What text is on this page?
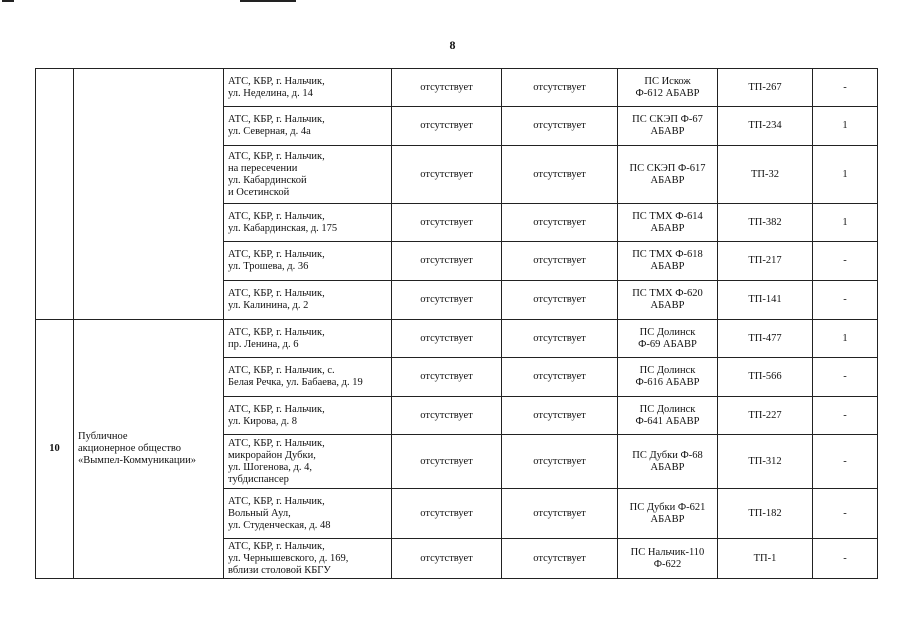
8

		АТС, КБР, г. Нальчик,
ул. Неделина, д. 14	отсутствует	отсутствует	ПС Искож
Ф-612 АБАВР	ТП-267	-

		АТС, КБР, г. Нальчик,
ул. Северная, д. 4а	отсутствует	отсутствует	ПС СКЭП Ф-67
АБАВР	ТП-234	1

		АТС, КБР, г. Нальчик,
на пересечении
ул. Кабардинской
и Осетинской	отсутствует	отсутствует	ПС СКЭП Ф-617
АБАВР	ТП-32	1

		АТС, КБР, г. Нальчик,
ул. Кабардинская, д. 175	отсутствует	отсутствует	ПС ТМХ Ф-614
АБАВР	ТП-382	1

		АТС, КБР, г. Нальчик,
ул. Трошева, д. 36	отсутствует	отсутствует	ПС ТМХ Ф-618
АБАВР	ТП-217	-

		АТС, КБР, г. Нальчик,
ул. Калинина, д. 2	отсутствует	отсутствует	ПС ТМХ Ф-620
АБАВР	ТП-141	-
10	Публичное
акционерное общество
«Вымпел-Коммуникации»	АТС, КБР, г. Нальчик,
пр. Ленина, д. 6	отсутствует	отсутствует	ПС Долинск
Ф-69 АБАВР	ТП-477	1

		АТС, КБР, г. Нальчик, с.
Белая Речка, ул. Бабаева, д. 19	отсутствует	отсутствует	ПС Долинск
Ф-616 АБАВР	ТП-566	-

		АТС, КБР, г. Нальчик,
ул. Кирова, д. 8	отсутствует	отсутствует	ПС Долинск
Ф-641 АБАВР	ТП-227	-

		АТС, КБР, г. Нальчик,
микрорайон Дубки,
ул. Шогенова, д. 4,
тубдиспансер	отсутствует	отсутствует	ПС Дубки Ф-68
АБАВР	ТП-312	-

		АТС, КБР, г. Нальчик,
Вольный Аул,
ул. Студенческая, д. 48	отсутствует	отсутствует	ПС Дубки Ф-621
АБАВР	ТП-182	-

		АТС, КБР, г. Нальчик,
ул. Чернышевского, д. 169,
вблизи столовой КБГУ	отсутствует	отсутствует	ПС Нальчик-110
Ф-622	ТП-1	-
